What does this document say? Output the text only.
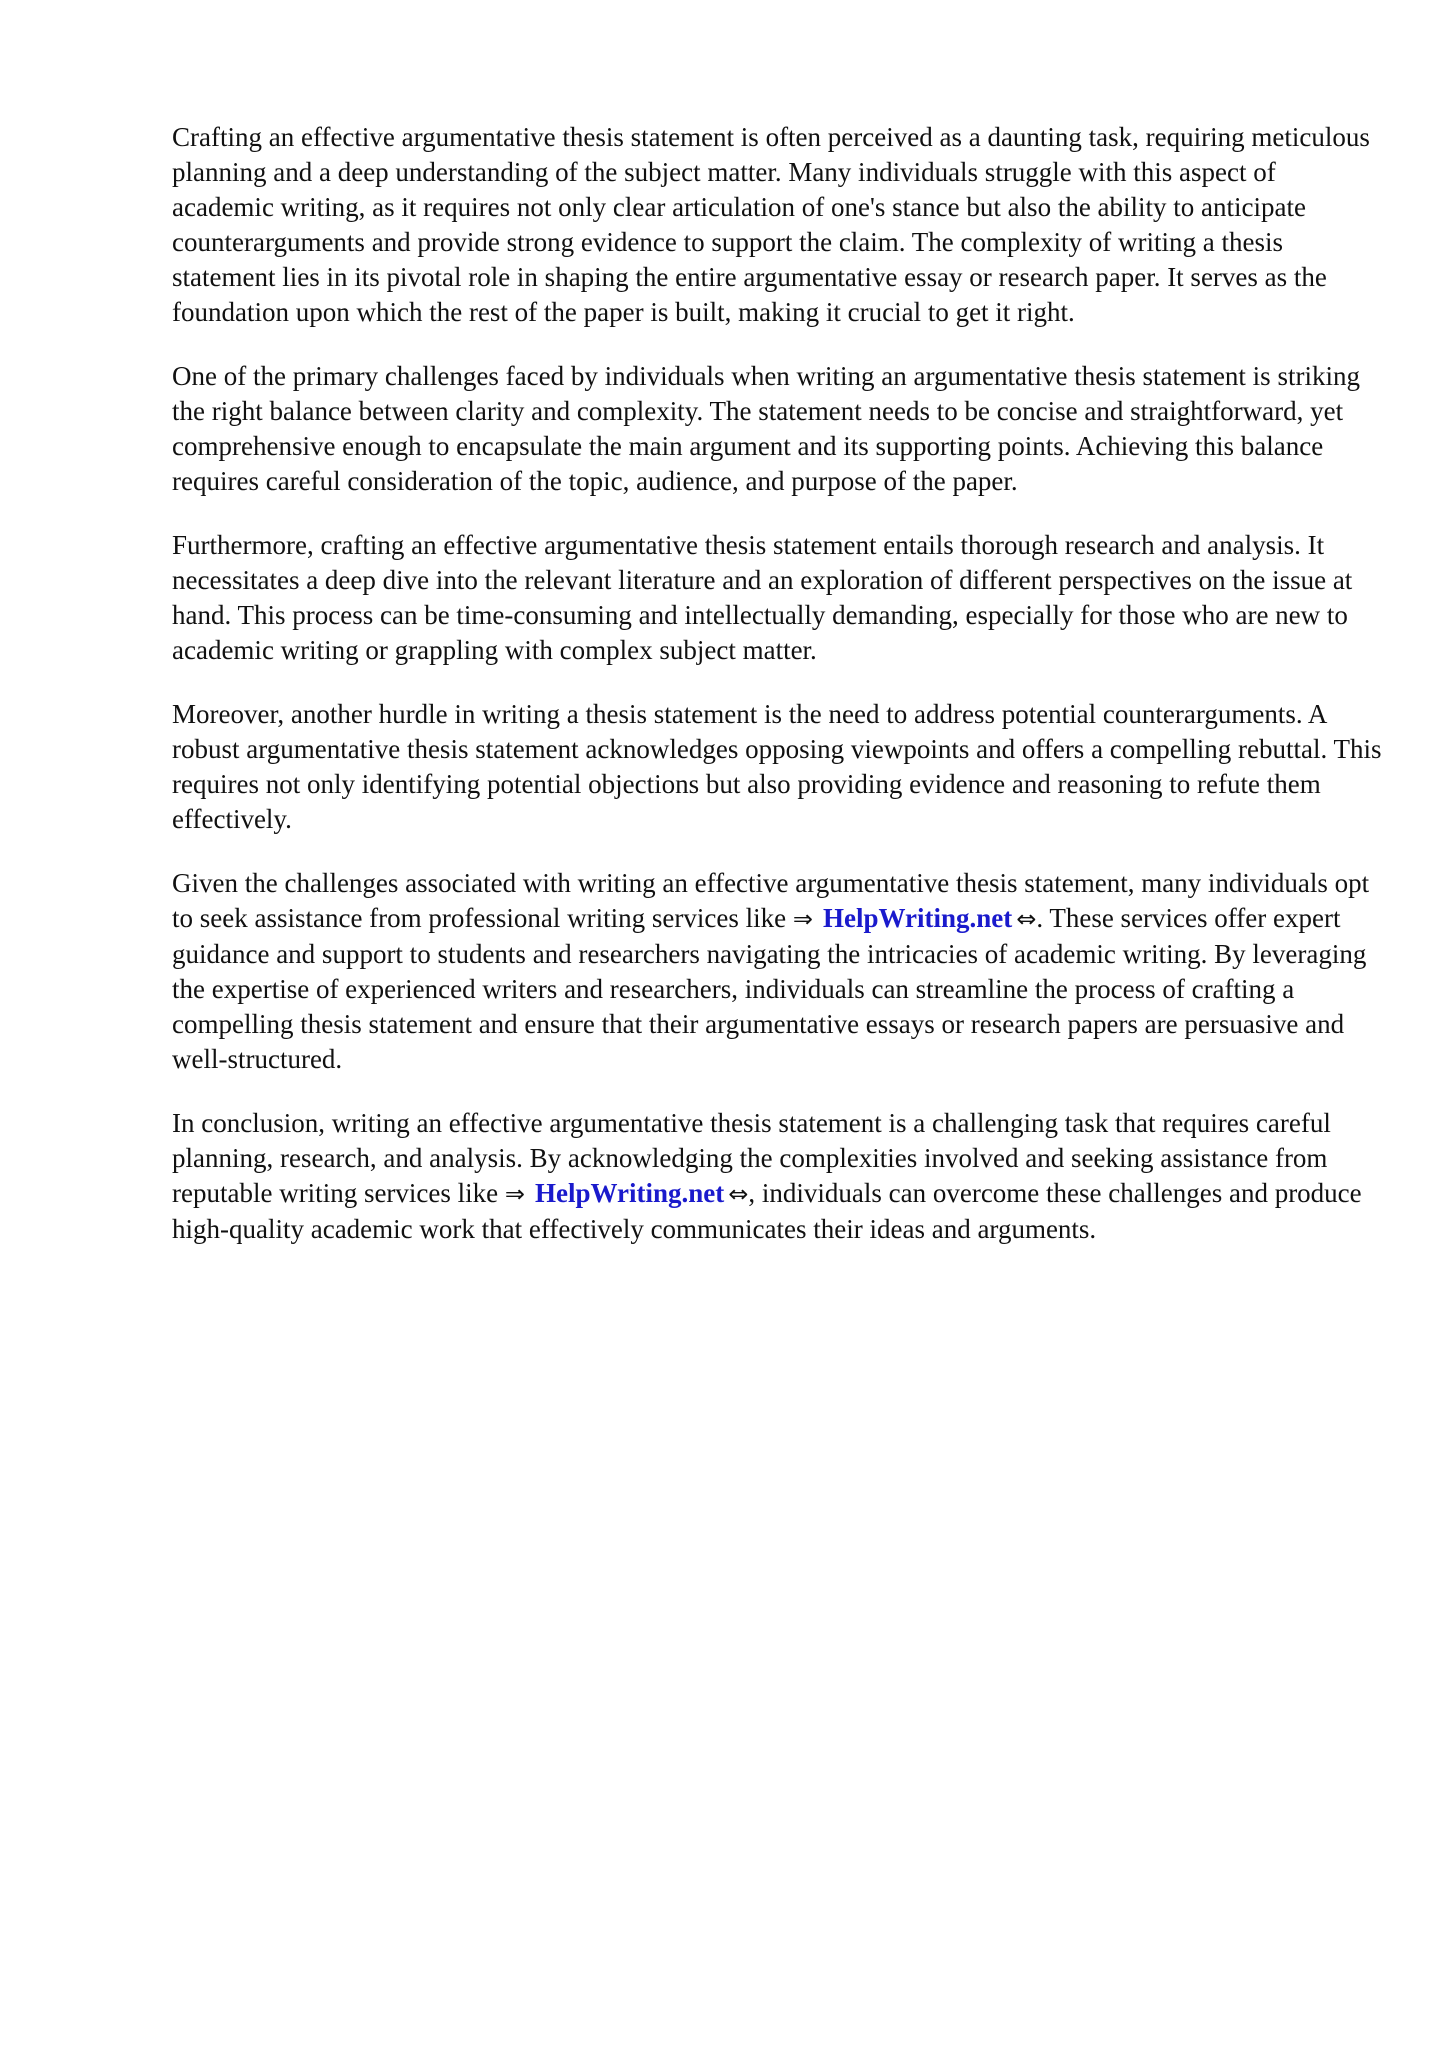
Crafting an effective argumentative thesis statement is often perceived as a daunting task, requiring meticulous planning and a deep understanding of the subject matter. Many individuals struggle with this aspect of academic writing, as it requires not only clear articulation of one's stance but also the ability to anticipate counterarguments and provide strong evidence to support the claim. The complexity of writing a thesis statement lies in its pivotal role in shaping the entire argumentative essay or research paper. It serves as the foundation upon which the rest of the paper is built, making it crucial to get it right.

One of the primary challenges faced by individuals when writing an argumentative thesis statement is striking the right balance between clarity and complexity. The statement needs to be concise and straightforward, yet comprehensive enough to encapsulate the main argument and its supporting points. Achieving this balance requires careful consideration of the topic, audience, and purpose of the paper.

Furthermore, crafting an effective argumentative thesis statement entails thorough research and analysis. It necessitates a deep dive into the relevant literature and an exploration of different perspectives on the issue at hand. This process can be time-consuming and intellectually demanding, especially for those who are new to academic writing or grappling with complex subject matter.

Moreover, another hurdle in writing a thesis statement is the need to address potential counterarguments. A robust argumentative thesis statement acknowledges opposing viewpoints and offers a compelling rebuttal. This requires not only identifying potential objections but also providing evidence and reasoning to refute them effectively.

Given the challenges associated with writing an effective argumentative thesis statement, many individuals opt to seek assistance from professional writing services like ⇒ HelpWriting.net ⇔. These services offer expert guidance and support to students and researchers navigating the intricacies of academic writing. By leveraging the expertise of experienced writers and researchers, individuals can streamline the process of crafting a compelling thesis statement and ensure that their argumentative essays or research papers are persuasive and well-structured.

In conclusion, writing an effective argumentative thesis statement is a challenging task that requires careful planning, research, and analysis. By acknowledging the complexities involved and seeking assistance from reputable writing services like ⇒ HelpWriting.net ⇔, individuals can overcome these challenges and produce high-quality academic work that effectively communicates their ideas and arguments.
